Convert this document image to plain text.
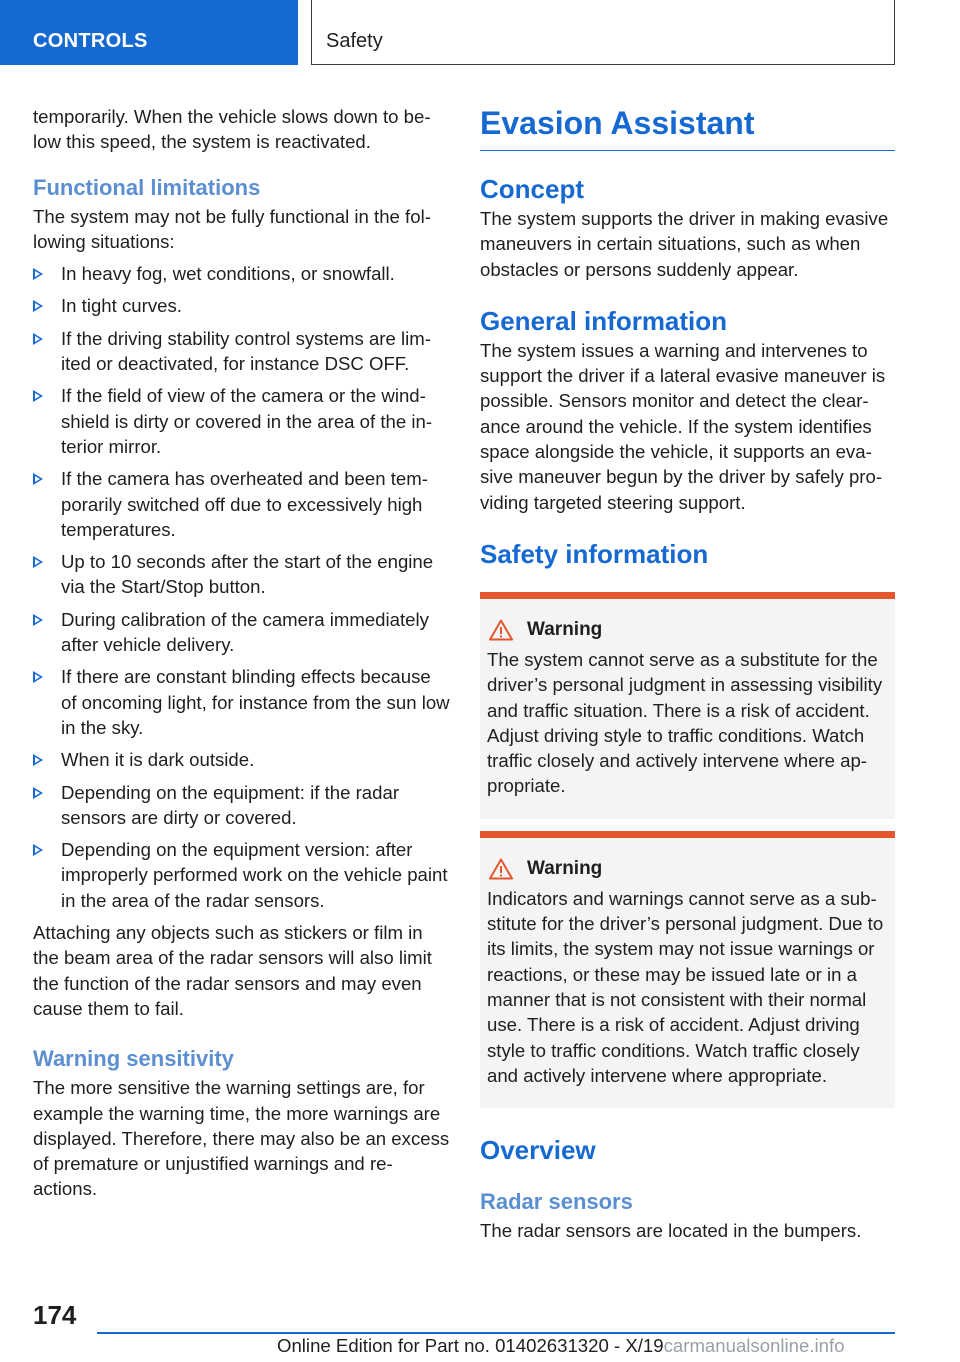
CONTROLS	Safety

temporarily. When the vehicle slows down to below this speed, the system is reactivated.

Functional limitations

The system may not be fully functional in the following situations:

In heavy fog, wet conditions, or snowfall.
In tight curves.
If the driving stability control systems are limited or deactivated, for instance DSC OFF.
If the field of view of the camera or the windshield is dirty or covered in the area of the interior mirror.
If the camera has overheated and been temporarily switched off due to excessively high temperatures.
Up to 10 seconds after the start of the engine via the Start/Stop button.
During calibration of the camera immediately after vehicle delivery.
If there are constant blinding effects because of oncoming light, for instance from the sun low in the sky.
When it is dark outside.
Depending on the equipment: if the radar sensors are dirty or covered.
Depending on the equipment version: after improperly performed work on the vehicle paint in the area of the radar sensors.

Attaching any objects such as stickers or film in the beam area of the radar sensors will also limit the function of the radar sensors and may even cause them to fail.

Warning sensitivity

The more sensitive the warning settings are, for example the warning time, the more warnings are displayed. Therefore, there may also be an excess of premature or unjustified warnings and reactions.

Evasion Assistant
Concept

The system supports the driver in making evasive maneuvers in certain situations, such as when obstacles or persons suddenly appear.

General information

The system issues a warning and intervenes to support the driver if a lateral evasive maneuver is possible. Sensors monitor and detect the clearance around the vehicle. If the system identifies space alongside the vehicle, it supports an evasive maneuver begun by the driver by safely providing targeted steering support.

Safety information
Warning

The system cannot serve as a substitute for the driver’s personal judgment in assessing visibility and traffic situation. There is a risk of accident. Adjust driving style to traffic conditions. Watch traffic closely and actively intervene where appropriate.

Warning

Indicators and warnings cannot serve as a substitute for the driver’s personal judgment. Due to its limits, the system may not issue warnings or reactions, or these may be issued late or in a manner that is not consistent with their normal use. There is a risk of accident. Adjust driving style to traffic conditions. Watch traffic closely and actively intervene where appropriate.

Overview
Radar sensors

The radar sensors are located in the bumpers.

174
Online Edition for Part no. 01402631320 - X/19carmanualsonline.info
